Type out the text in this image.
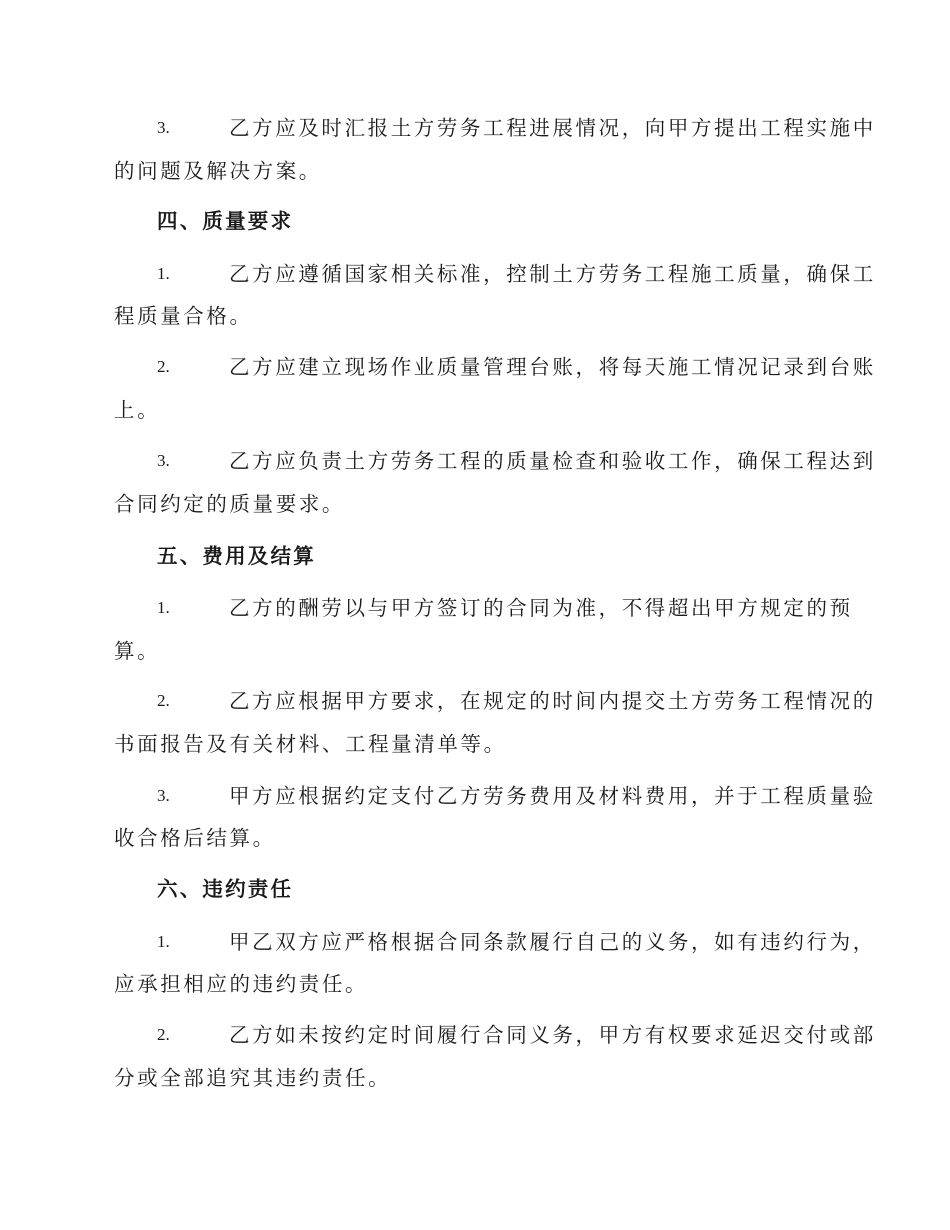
3.	乙方应及时汇报土方劳务工程进展情况，向甲方提出工程实施中
的问题及解决方案。
四、质量要求
1.	乙方应遵循国家相关标准，控制土方劳务工程施工质量，确保工
程质量合格。
2.	乙方应建立现场作业质量管理台账，将每天施工情况记录到台账
上。
3.	乙方应负责土方劳务工程的质量检查和验收工作，确保工程达到
合同约定的质量要求。
五、费用及结算
1.	乙方的酬劳以与甲方签订的合同为准，不得超出甲方规定的预
算。
2.	乙方应根据甲方要求，在规定的时间内提交土方劳务工程情况的
书面报告及有关材料、工程量清单等。
3.	甲方应根据约定支付乙方劳务费用及材料费用，并于工程质量验
收合格后结算。
六、违约责任
1.	甲乙双方应严格根据合同条款履行自己的义务，如有违约行为，
应承担相应的违约责任。
2.	乙方如未按约定时间履行合同义务，甲方有权要求延迟交付或部
分或全部追究其违约责任。
